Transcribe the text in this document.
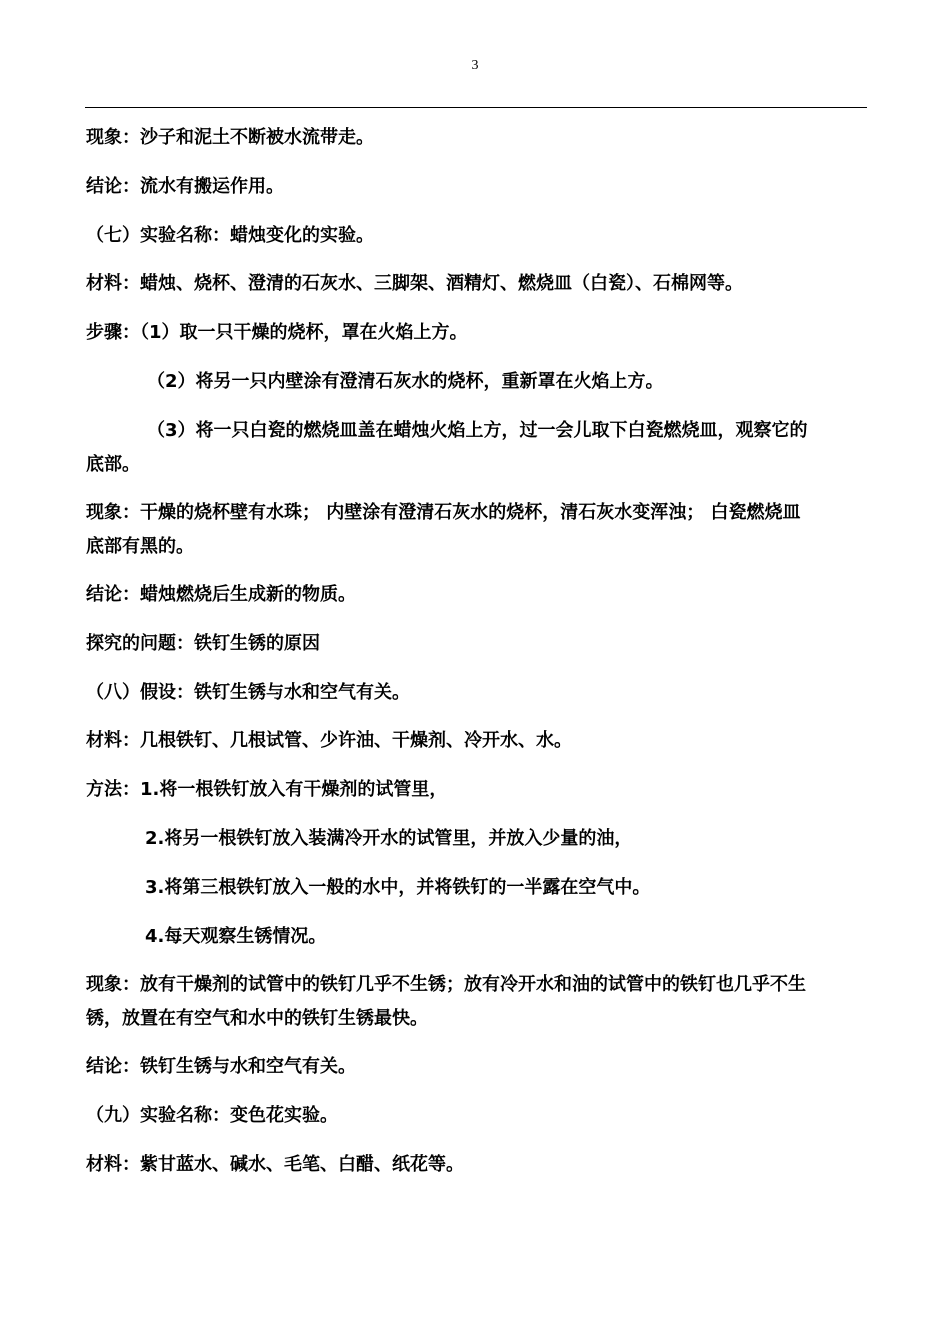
3
现象：沙子和泥土不断被水流带走。
结论：流水有搬运作用。
（七）实验名称：蜡烛变化的实验。
材料：蜡烛、烧杯、澄清的石灰水、三脚架、酒精灯、燃烧皿（白瓷）、石棉网等。
步骤：（1）取一只干燥的烧杯，罩在火焰上方。
（2）将另一只内壁涂有澄清石灰水的烧杯，重新罩在火焰上方。
（3）将一只白瓷的燃烧皿盖在蜡烛火焰上方，过一会儿取下白瓷燃烧皿，观察它的
底部。
现象：干燥的烧杯壁有水珠； 内壁涂有澄清石灰水的烧杯，清石灰水变浑浊； 白瓷燃烧皿
底部有黑的。
结论：蜡烛燃烧后生成新的物质。
探究的问题：铁钉生锈的原因
（八）假设：铁钉生锈与水和空气有关。
材料：几根铁钉、几根试管、少许油、干燥剂、冷开水、水。
方法：1.将一根铁钉放入有干燥剂的试管里，
2.将另一根铁钉放入装满冷开水的试管里，并放入少量的油，
3.将第三根铁钉放入一般的水中，并将铁钉的一半露在空气中。
4.每天观察生锈情况。
现象：放有干燥剂的试管中的铁钉几乎不生锈；放有冷开水和油的试管中的铁钉也几乎不生
锈，放置在有空气和水中的铁钉生锈最快。
结论：铁钉生锈与水和空气有关。
（九）实验名称：变色花实验。
材料：紫甘蓝水、碱水、毛笔、白醋、纸花等。
